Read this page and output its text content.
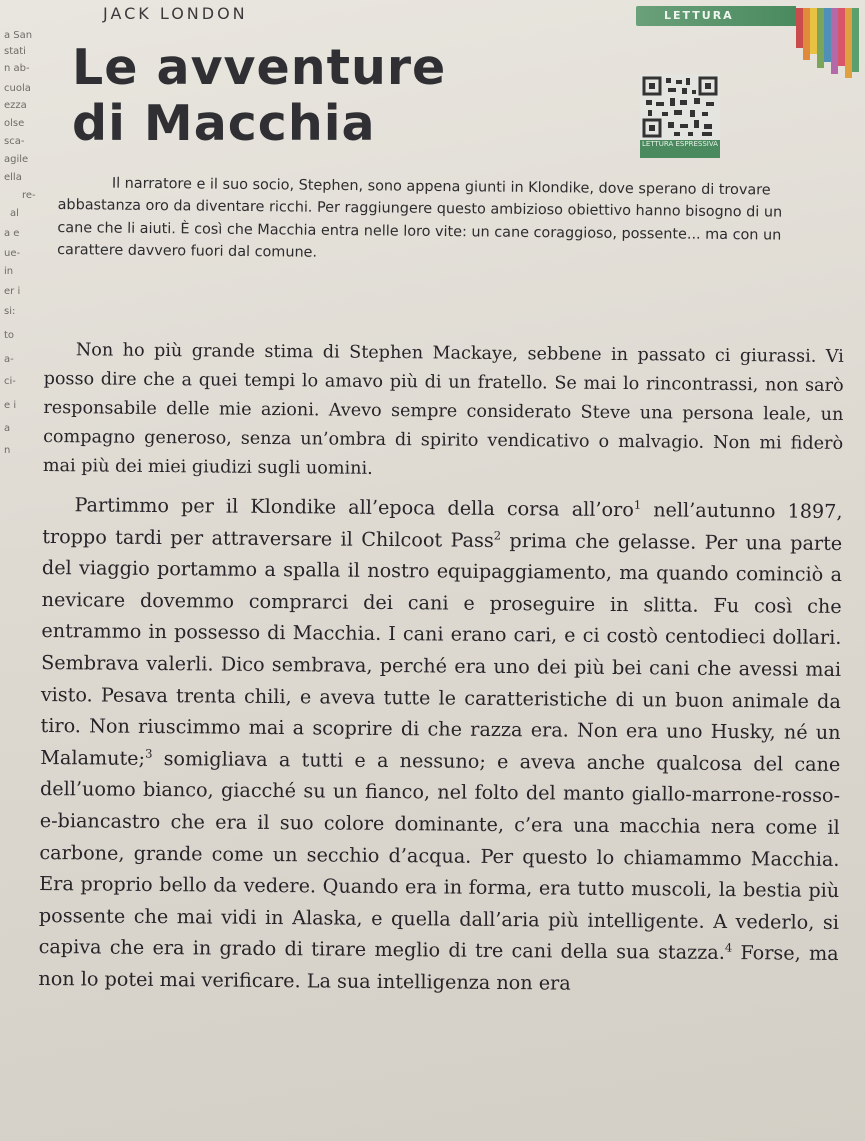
a San
stati
n ab-
cuola
ezza
olse
sca-
agile
ella
re-
al
a e
ue-
in
er i
si:
to
a-
ci-
e i
a
n
JACK LONDON	LETTURA
Le avventure
di Macchia	LETTURA ESPRESSIVA

Il narratore e il suo socio, Stephen, sono appena giunti in Klondike, dove sperano di trovare abbastanza oro da diventare ricchi. Per raggiungere questo ambizioso obiettivo hanno bisogno di un cane che li aiuti. È così che Macchia entra nelle loro vite: un cane coraggioso, possente... ma con un carattere davvero fuori dal comune.

Non ho più grande stima di Stephen Mackaye, sebbene in passato ci giurassi. Vi posso dire che a quei tempi lo amavo più di un fratello. Se mai lo rincontrassi, non sarò responsabile delle mie azioni. Avevo sempre considerato Steve una persona leale, un compagno generoso, senza un’ombra di spirito vendicativo o malvagio. Non mi fiderò mai più dei miei giudizi sugli uomini.

Partimmo per il Klondike all’epoca della corsa all’oro$^1$ nell’autunno 1897, troppo tardi per attraversare il Chilcoot Pass$^2$ prima che gelasse. Per una parte del viaggio portammo a spalla il nostro equipaggiamento, ma quando cominciò a nevicare dovemmo comprarci dei cani e proseguire in slitta. Fu così che entrammo in possesso di Macchia. I cani erano cari, e ci costò centodieci dollari. Sembrava valerli. Dico sembrava, perché era uno dei più bei cani che avessi mai visto. Pesava trenta chili, e aveva tutte le caratteristiche di un buon animale da tiro. Non riuscimmo mai a scoprire di che razza era. Non era uno Husky, né un Malamute;$^3$ somigliava a tutti e a nessuno; e aveva anche qualcosa del cane dell’uomo bianco, giacché su un fianco, nel folto del manto giallo-marrone-rosso-e-biancastro che era il suo colore dominante, c’era una macchia nera come il carbone, grande come un secchio d’acqua. Per questo lo chiamammo Macchia. Era proprio bello da vedere. Quando era in forma, era tutto muscoli, la bestia più possente che mai vidi in Alaska, e quella dall’aria più intelligente. A vederlo, si capiva che era in grado di tirare meglio di tre cani della sua stazza.$^4$ Forse, ma non lo potei mai verificare. La sua intelligenza non era
